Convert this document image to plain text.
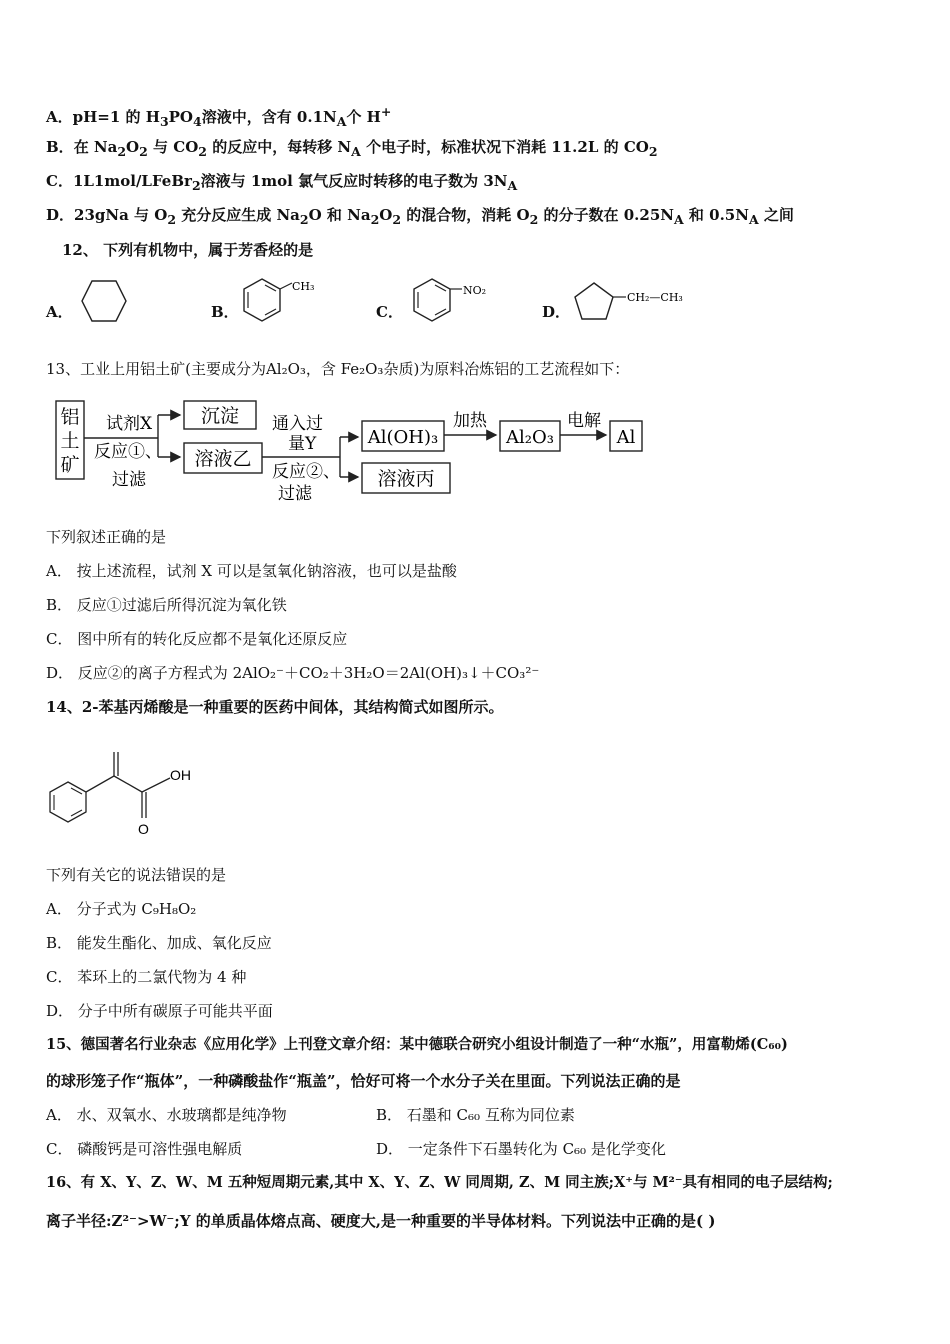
A．pH=1 的 $H_3PO_4$溶液中，含有 $0.1N_A$个 H+
B．在 $Na_2O_2$ 与 $CO_2$ 的反应中，每转移 $N_A$ 个电子时，标准状况下消耗 11.2L 的 $CO_2$
C．1L1mol/LFeBr$_2$溶液与 1mol 氯气反应时转移的电子数为 $3N_A$
D．23gNa 与 $O_2$ 充分反应生成 $Na_2O$ 和 $Na_2O_2$ 的混合物，消耗 $O_2$ 的分子数在 $0.25N_A$ 和 $0.5N_A$ 之间
12、 下列有机物中，属于芳香烃的是
A．	B．
CH₃
C．
NO₂
D．
CH₂—CH₃
13、工业上用铝土矿(主要成分为Al₂O₃，含 Fe₂O₃杂质)为原料冶炼铝的工艺流程如下：
铝
土
矿
试剂X
反应①、
过滤
沉淀
溶液乙
通入过
量Y
反应②、
过滤
Al(OH)₃
溶液丙
加热
Al₂O₃
电解
Al
下列叙述正确的是
A． 按上述流程，试剂 X 可以是氢氧化钠溶液，也可以是盐酸
B． 反应①过滤后所得沉淀为氧化铁
C． 图中所有的转化反应都不是氧化还原反应
D． 反应②的离子方程式为 2AlO₂⁻＋CO₂＋3H₂O＝2Al(OH)₃↓＋CO₃²⁻
14、2-苯基丙烯酸是一种重要的医药中间体，其结构简式如图所示。
OH
O
下列有关它的说法错误的是
A． 分子式为 C₉H₈O₂
B． 能发生酯化、加成、氧化反应
C． 苯环上的二氯代物为 4 种
D． 分子中所有碳原子可能共平面
15、德国著名行业杂志《应用化学》上刊登文章介绍：某中德联合研究小组设计制造了一种“水瓶”，用富勒烯(C₆₀)
的球形笼子作“瓶体”，一种磷酸盐作“瓶盖”，恰好可将一个水分子关在里面。下列说法正确的是
A． 水、双氧水、水玻璃都是纯净物	B． 石墨和 C₆₀ 互称为同位素
C． 磷酸钙是可溶性强电解质	D． 一定条件下石墨转化为 C₆₀ 是化学变化
16、有 X、Y、Z、W、M 五种短周期元素,其中 X、Y、Z、W 同周期, Z、M 同主族;X⁺与 M²⁻具有相同的电子层结构;
离子半径:Z²⁻>W⁻;Y 的单质晶体熔点高、硬度大,是一种重要的半导体材料。下列说法中正确的是( )
